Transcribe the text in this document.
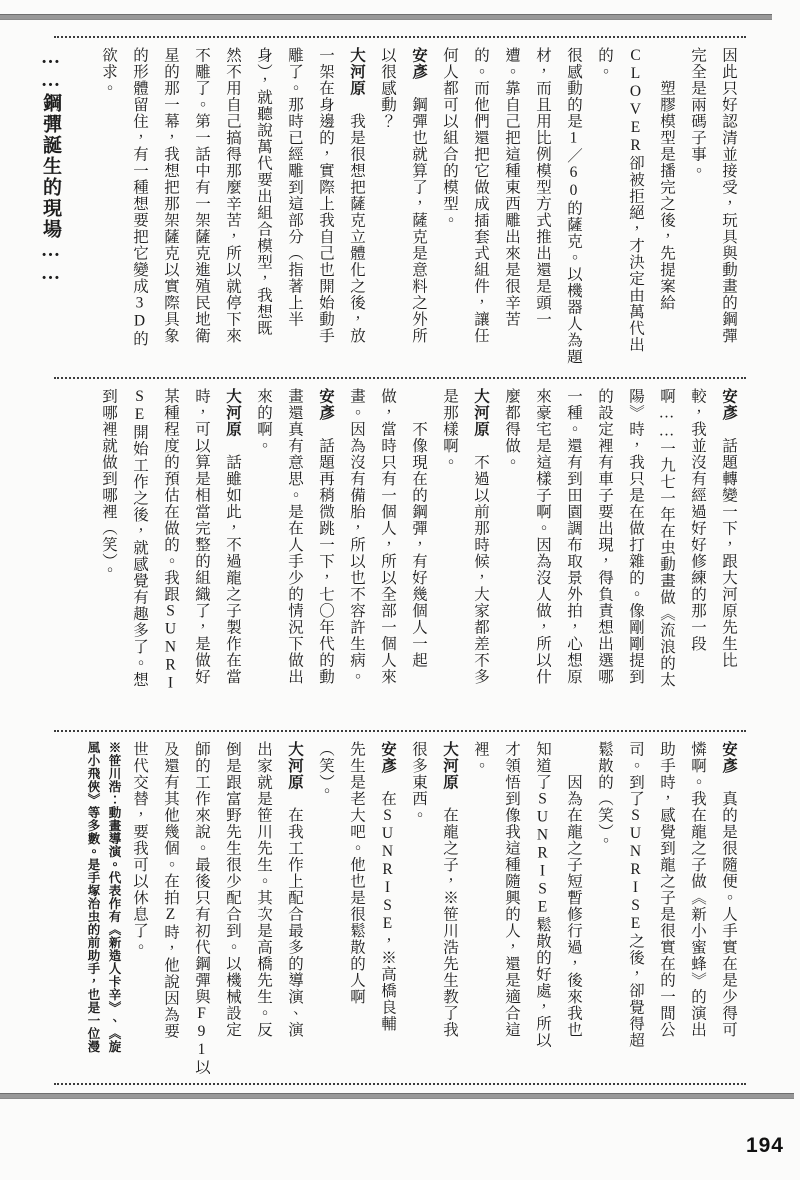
……鋼彈誕生的現場……	因此只好認清並接受，玩具與動畫的鋼彈
完全是兩碼子事。
　　塑膠模型是播完之後，先提案給
CLOVER卻被拒絕，才決定由萬代出的。
很感動的是1／60的薩克。以機器人為題
材，而且用比例模型方式推出還是頭一
遭。靠自己把這種東西雕出來是很辛苦
的。而他們還把它做成插套式組件，讓任
何人都可以組合的模型。
安彥　鋼彈也就算了，薩克是意料之外所
以很感動？
大河原　我是很想把薩克立體化之後，放
一架在身邊的，實際上我自己也開始動手
雕了。那時已經雕到這部分（指著上半
身），就聽說萬代要出組合模型，我想既
然不用自己搞得那麼辛苦，所以就停下來
不雕了。第一話中有一架薩克進殖民地衛
星的那一幕，我想把那架薩克以實際具象
的形體留住，有一種想要把它變成3D的
欲求。
安彥　話題轉變一下，跟大河原先生比
較，我並沒有經過好好修練的那一段
啊……一九七一年在虫動畫做《流浪的太
陽》時，我只是在做打雜的。像剛剛提到
的設定裡有車子要出現，得負責想出選哪
一種。還有到田園調布取景外拍，心想原
來豪宅是這樣子啊。因為沒人做，所以什
麼都得做。
大河原　不過以前那時候，大家都差不多
是那樣啊。
　　不像現在的鋼彈，有好幾個人一起
做，當時只有一個人，所以全部一個人來
畫。因為沒有備胎，所以也不容許生病。
安彥　話題再稍微跳一下，七〇年代的動
畫還真有意思。是在人手少的情況下做出
來的啊。
大河原　話雖如此，不過龍之子製作在當
時，可以算是相當完整的組織了，是做好
某種程度的預估在做的。我跟SUNRI
SE開始工作之後，就感覺有趣多了。想
到哪裡就做到哪裡（笑）。
安彥　真的是很隨便。人手實在是少得可
憐啊。我在龍之子做《新小蜜蜂》的演出
助手時，感覺到龍之子是很實在的一間公
司。到了SUNRISE之後，卻覺得超
鬆散的（笑）。
　　因為在龍之子短暫修行過，後來我也
知道了SUNRISE鬆散的好處，所以
才領悟到像我這種隨興的人，還是適合這
裡。
大河原　在龍之子，※笹川浩先生教了我
很多東西。
安彥　在SUNRISE，※高橋良輔
先生是老大吧。他也是很鬆散的人啊
（笑）。
大河原　在我工作上配合最多的導演、演
出家就是笹川先生。其次是高橋先生。反
倒是跟富野先生很少配合到。以機械設定
師的工作來說。最後只有初代鋼彈與F91以
及還有其他幾個。在拍Z時，他說因為要
世代交替，要我可以休息了。
※笹川浩：動畫導演。代表作有《新造人卡辛》、《旋
風小飛俠》等多數。是手塚治虫的前助手，也是一位漫
194
